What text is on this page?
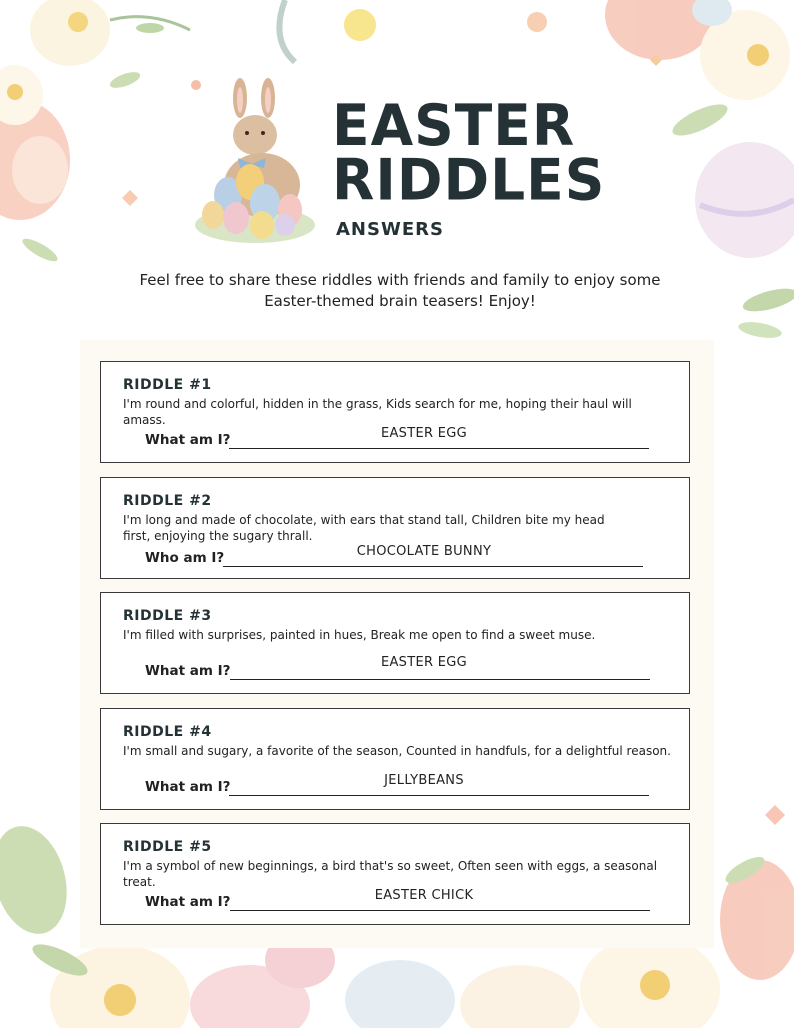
EASTER
RIDDLES
ANSWERS
Feel free to share these riddles with friends and family to enjoy some Easter-themed brain teasers! Enjoy!
RIDDLE #1
I'm round and colorful, hidden in the grass, Kids search for me, hoping their haul will amass.
What am I?	EASTER EGG
RIDDLE #2
I'm long and made of chocolate, with ears that stand tall, Children bite my head first, enjoying the sugary thrall.
Who am I?	CHOCOLATE BUNNY
RIDDLE #3
I'm filled with surprises, painted in hues, Break me open to find a sweet muse.
What am I?
EASTER EGG
RIDDLE #4
I'm small and sugary, a favorite of the season, Counted in handfuls, for a delightful reason.
What am I?	JELLYBEANS
RIDDLE #5
I'm a symbol of new beginnings, a bird that's so sweet, Often seen with eggs, a seasonal treat.
What am I?	EASTER CHICK
